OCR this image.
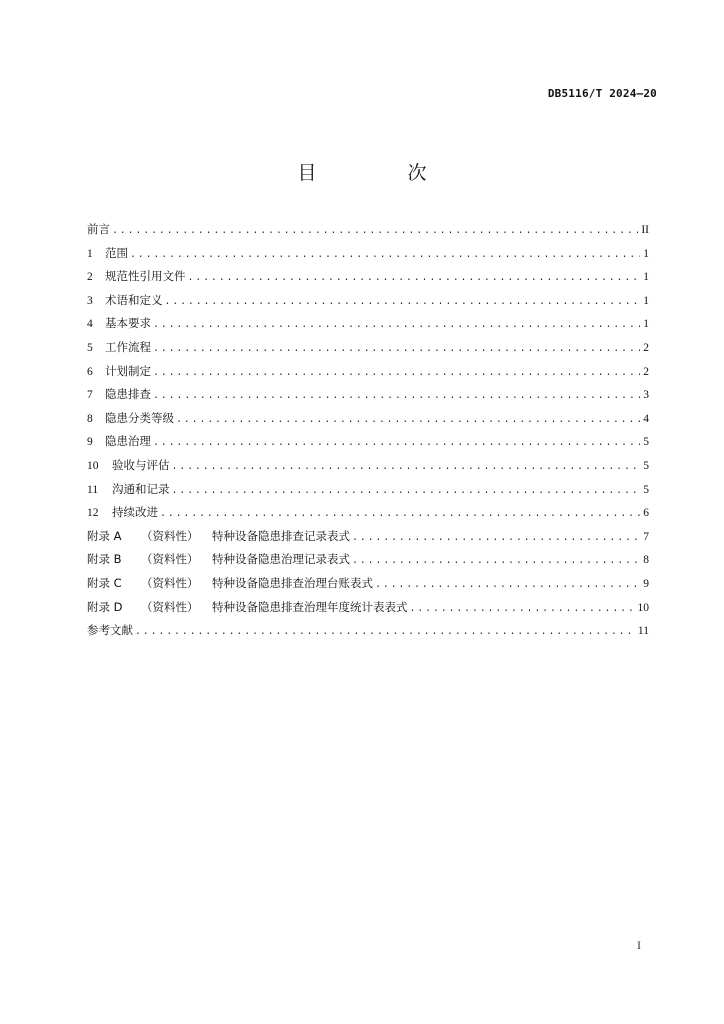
DB5116/T 2024—20
目　次
前言 .....	II
1	范围 .....	1
2	规范性引用文件 .....	1
3	术语和定义 .....	1
4	基本要求 .....	1
5	工作流程 .....	2
6	计划制定 .....	2
7	隐患排查 .....	3
8	隐患分类等级 .....	4
9	隐患治理 .....	5
10	验收与评估 .....	5
11	沟通和记录 .....	5
12	持续改进 .....	6
附录 A	（资料性）	特种设备隐患排查记录表式 .....	7
附录 B	（资料性）	特种设备隐患治理记录表式 .....	8
附录 C	（资料性）	特种设备隐患排查治理台账表式 .....	9
附录 D	（资料性）	特种设备隐患排查治理年度统计表表式 .....	10
参考文献 .....	11
I
